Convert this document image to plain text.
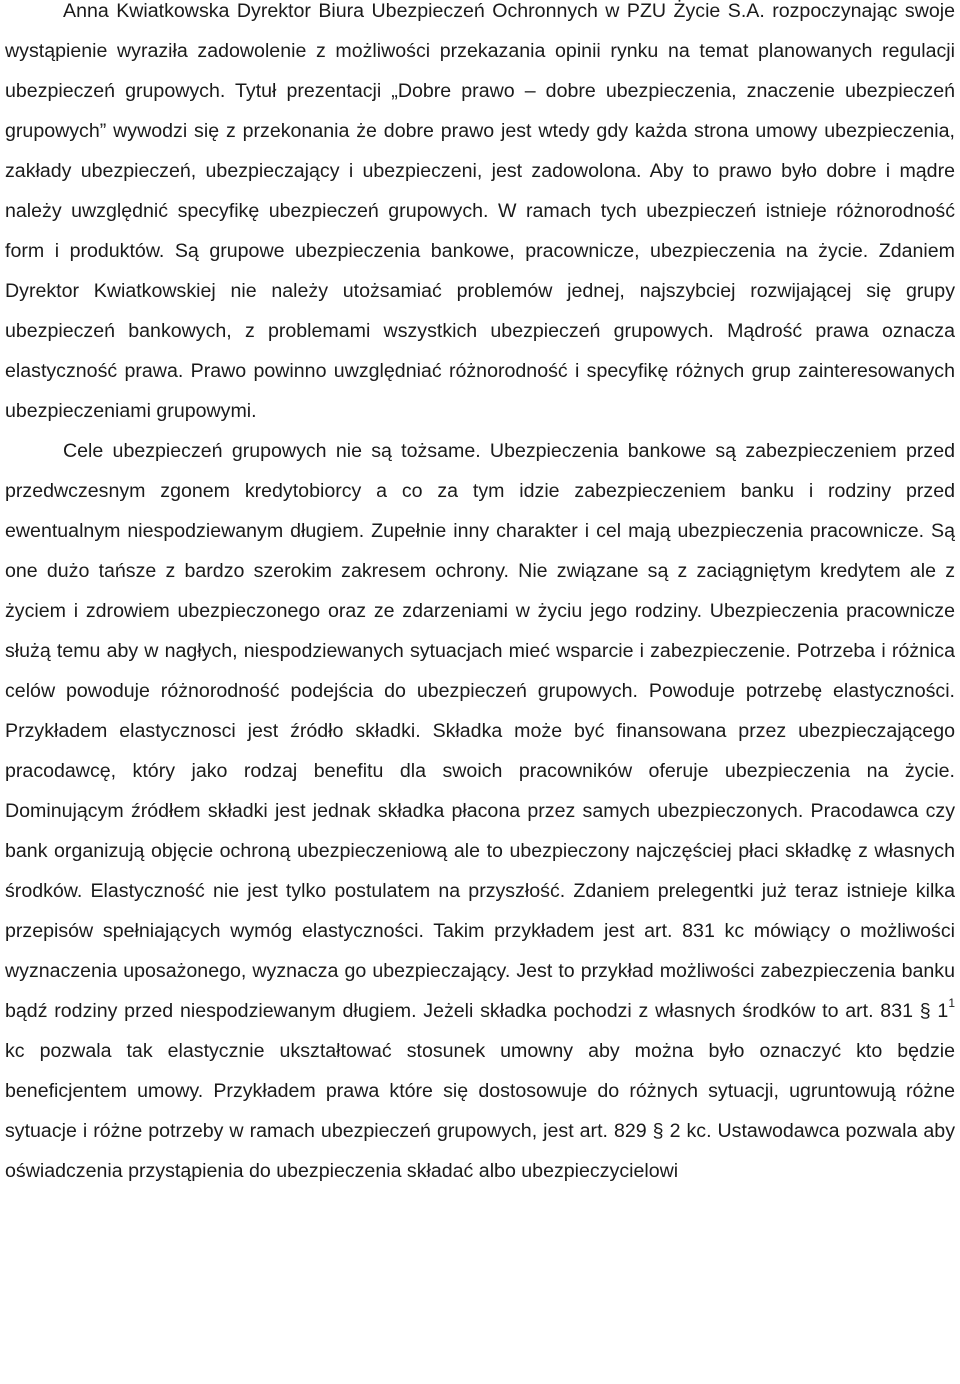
Anna Kwiatkowska Dyrektor Biura Ubezpieczeń Ochronnych w PZU Życie S.A. rozpoczynając swoje wystąpienie wyraziła zadowolenie z możliwości przekazania opinii rynku na temat planowanych regulacji ubezpieczeń grupowych. Tytuł prezentacji „Dobre prawo – dobre ubezpieczenia, znaczenie ubezpieczeń grupowych” wywodzi się z przekonania że dobre prawo jest wtedy gdy każda strona umowy ubezpieczenia, zakłady ubezpieczeń, ubezpieczający i ubezpieczeni, jest zadowolona. Aby to prawo było dobre i mądre należy uwzględnić specyfikę ubezpieczeń grupowych. W ramach tych ubezpieczeń istnieje różnorodność form i produktów. Są grupowe ubezpieczenia bankowe, pracownicze, ubezpieczenia na życie. Zdaniem Dyrektor Kwiatkowskiej nie należy utożsamiać problemów jednej, najszybciej rozwijającej się grupy ubezpieczeń bankowych, z problemami wszystkich ubezpieczeń grupowych. Mądrość prawa oznacza elastyczność prawa. Prawo powinno uwzględniać różnorodność i specyfikę różnych grup zainteresowanych ubezpieczeniami grupowymi.

Cele ubezpieczeń grupowych nie są tożsame. Ubezpieczenia bankowe są zabezpieczeniem przed przedwczesnym zgonem kredytobiorcy a co za tym idzie zabezpieczeniem banku i rodziny przed ewentualnym niespodziewanym długiem. Zupełnie inny charakter i cel mają ubezpieczenia pracownicze. Są one dużo tańsze z bardzo szerokim zakresem ochrony. Nie związane są z zaciągniętym kredytem ale z życiem i zdrowiem ubezpieczonego oraz ze zdarzeniami w życiu jego rodziny. Ubezpieczenia pracownicze służą temu aby w nagłych, niespodziewanych sytuacjach mieć wsparcie i zabezpieczenie. Potrzeba i różnica celów powoduje różnorodność podejścia do ubezpieczeń grupowych. Powoduje potrzebę elastyczności. Przykładem elastycznosci jest źródło składki. Składka może być finansowana przez ubezpieczającego pracodawcę, który jako rodzaj benefitu dla swoich pracowników oferuje ubezpieczenia na życie. Dominującym źródłem składki jest jednak składka płacona przez samych ubezpieczonych. Pracodawca czy bank organizują objęcie ochroną ubezpieczeniową ale to ubezpieczony najczęściej płaci składkę z własnych środków. Elastyczność nie jest tylko postulatem na przyszłość. Zdaniem prelegentki już teraz istnieje kilka przepisów spełniających wymóg elastyczności. Takim przykładem jest art. 831 kc mówiący o możliwości wyznaczenia uposażonego, wyznacza go ubezpieczający. Jest to przykład możliwości zabezpieczenia banku bądź rodziny przed niespodziewanym długiem. Jeżeli składka pochodzi z własnych środków to art. 831 § $1^1$ kc pozwala tak elastycznie ukształtować stosunek umowny aby można było oznaczyć kto będzie beneficjentem umowy. Przykładem prawa które się dostosowuje do różnych sytuacji, ugruntowują różne sytuacje i różne potrzeby w ramach ubezpieczeń grupowych, jest art. 829 § 2 kc. Ustawodawca pozwala aby oświadczenia przystąpienia do ubezpieczenia składać albo ubezpieczycielowi
